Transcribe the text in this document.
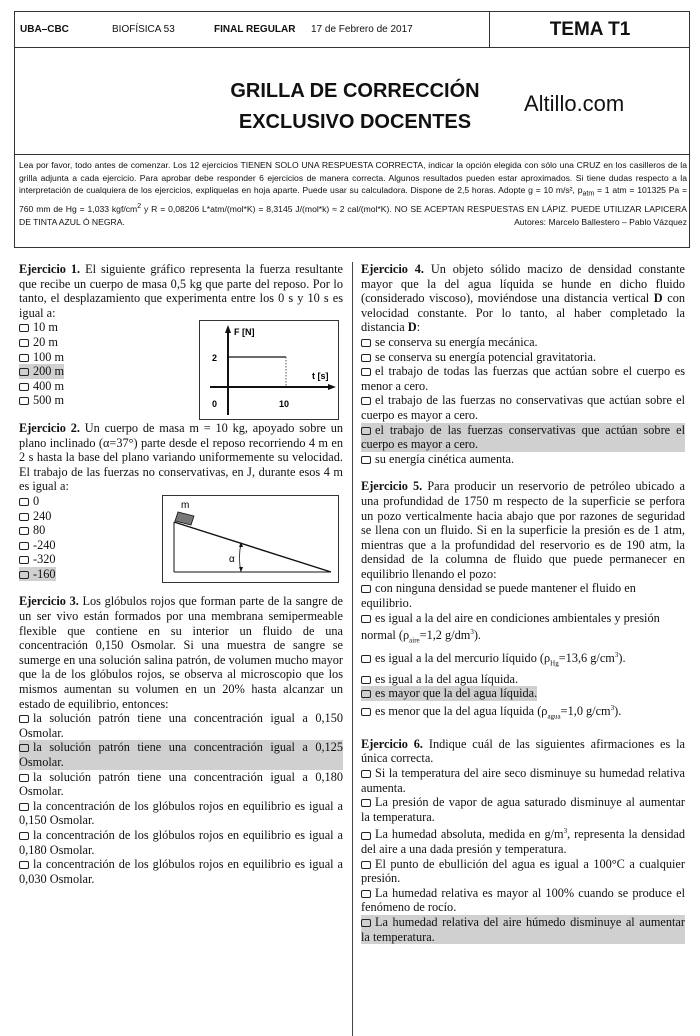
UBA–CBC	BIOFÍSICA 53	FINAL REGULAR 17 de Febrero de 2017	TEMA T1
GRILLA DE CORRECCIÓN
EXCLUSIVO DOCENTES
Altillo.com
Lea por favor, todo antes de comenzar. Los 12 ejercicios TIENEN SOLO UNA RESPUESTA CORRECTA, indicar la opción elegida con sólo una CRUZ en los casilleros de la grilla adjunta a cada ejercicio. Para aprobar debe responder 6 ejercicios de manera correcta. Algunos resultados pueden estar aproximados. Si tiene dudas respecto a la interpretación de cualquiera de los ejercicios, expliquelas en hoja aparte. Puede usar su calculadora. Dispone de 2,5 horas. Adopte g = 10 m/s², $p_{atm} = 1$ atm = 101325 Pa = 760 mm de Hg = 1,033 kgf/$cm^2$ y R = 0,08206 L*atm/(mol*K) = 8,3145 J/(mol*k) ≈ 2 cal/(mol*K). NO SE ACEPTAN RESPUESTAS EN LÁPIZ. PUEDE UTILIZAR LAPICERA DE TINTA AZUL Ó NEGRA.	Autores: Marcelo Ballestero – Pablo Vázquez
Ejercicio 1. El siguiente gráfico representa la fuerza resultante que recibe un cuerpo de masa 0,5 kg que parte del reposo. Por lo tanto, el desplazamiento que experimenta entre los 0 s y 10 s es igual a:
10 m
20 m
100 m
200 m
400 m
500 m
F [N]
2
t [s]
0	10
Ejercicio 2. Un cuerpo de masa m = 10 kg, apoyado sobre un plano inclinado (α=37°) parte desde el reposo recorriendo 4 m en 2 s hasta la base del plano variando uniformemente su velocidad. El trabajo de las fuerzas no conservativas, en J, durante esos 4 m es igual a:
0
240
80
-240
-320
-160
m
α
Ejercicio 3. Los glóbulos rojos que forman parte de la sangre de un ser vivo están formados por una membrana semipermeable flexible que contiene en su interior un fluido de una concentración 0,150 Osmolar. Si una muestra de sangre se sumerge en una solución salina patrón, de volumen mucho mayor que la de los glóbulos rojos, se observa al microscopio que los mismos aumentan su volumen en un 20% hasta alcanzar un estado de equilibrio, entonces:
la solución patrón tiene una concentración igual a 0,150 Osmolar.
la solución patrón tiene una concentración igual a 0,125 Osmolar.
la solución patrón tiene una concentración igual a 0,180 Osmolar.
la concentración de los glóbulos rojos en equilibrio es igual a 0,150 Osmolar.
la concentración de los glóbulos rojos en equilibrio es igual a 0,180 Osmolar.
la concentración de los glóbulos rojos en equilibrio es igual a 0,030 Osmolar.
Ejercicio 4. Un objeto sólido macizo de densidad constante mayor que la del agua líquida se hunde en dicho fluido (considerado viscoso), moviéndose una distancia vertical D con velocidad constante. Por lo tanto, al haber completado la distancia D:
se conserva su energía mecánica.
se conserva su energía potencial gravitatoria.
el trabajo de todas las fuerzas que actúan sobre el cuerpo es menor a cero.
el trabajo de las fuerzas no conservativas que actúan sobre el cuerpo es mayor a cero.
el trabajo de las fuerzas conservativas que actúan sobre el cuerpo es mayor a cero.
su energía cinética aumenta.
Ejercicio 5. Para producir un reservorio de petróleo ubicado a una profundidad de 1750 m respecto de la superficie se perfora un pozo verticalmente hacia abajo que por razones de seguridad se llena con un fluido. Si en la superficie la presión es de 1 atm, mientras que a la profundidad del reservorio es de 190 atm, la densidad de la columna de fluido que puede permanecer en equilibrio llenando el pozo:
con ninguna densidad se puede mantener el fluido en equilibrio.
es igual a la del aire en condiciones ambientales y presión normal ($\rho_{aire}=1,2$ $g/dm^3$).
es igual a la del mercurio líquido ($\rho_{Hg}=13,6$ $g/cm^3$).
es igual a la del agua líquida.
es mayor que la del agua líquida.
es menor que la del agua líquida ($\rho_{agua}=1,0$ $g/cm^3$).
Ejercicio 6. Indique cuál de las siguientes afirmaciones es la única correcta.
Si la temperatura del aire seco disminuye su humedad relativa aumenta.
La presión de vapor de agua saturado disminuye al aumentar la temperatura.
La humedad absoluta, medida en $g/m^3$, representa la densidad del aire a una dada presión y temperatura.
El punto de ebullición del agua es igual a 100°C a cualquier presión.
La humedad relativa es mayor al 100% cuando se produce el fenómeno de rocío.
La humedad relativa del aire húmedo disminuye al aumentar la temperatura.
